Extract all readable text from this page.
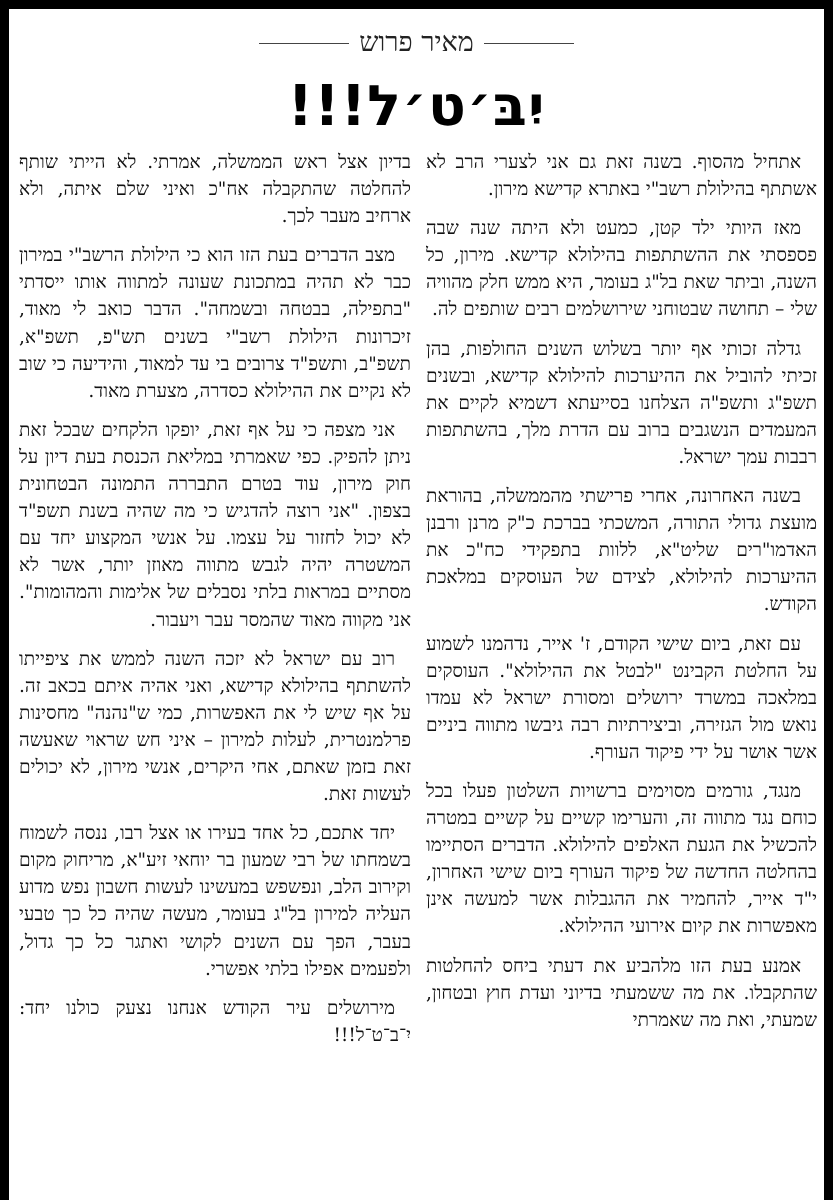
מאיר פרוש
יִבּ׳ט׳ל!!!

אתחיל מהסוף. בשנה זאת גם אני לצערי הרב לא אשתתף בהילולת רשב"י באתרא קדישא מירון.

מאז היותי ילד קטן, כמעט ולא היתה שנה שבה פספסתי את ההשתתפות בהילולא קדישא. מירון, כל השנה, וביתר שאת בל"ג בעומר, היא ממש חלק מהוויה שלי – תחושה שבטוחני שירושלמים רבים שותפים לה.

גדלה זכותי אף יותר בשלוש השנים החולפות, בהן זכיתי להוביל את ההיערכות להילולא קדישא, ובשנים תשפ"ג ותשפ"ה הצלחנו בסייעתא דשמיא לקיים את המעמדים הנשגבים ברוב עם הדרת מלך, בהשתתפות רבבות עמך ישראל.

בשנה האחרונה, אחרי פרישתי מהממשלה, בהוראת מועצת גדולי התורה, המשכתי בברכת כ"ק מרנן ורבנן האדמו"רים שליט"א, ללוות בתפקידי כח"כ את ההיערכות להילולא, לצידם של העוסקים במלאכת הקודש.

עם זאת, ביום שישי הקודם, ז' אייר, נדהמנו לשמוע על החלטת הקבינט "לבטל את ההילולא". העוסקים במלאכה במשרד ירושלים ומסורת ישראל לא עמדו נואש מול הגזירה, וביצירתיות רבה גיבשו מתווה ביניים אשר אושר על ידי פיקוד העורף.

מנגד, גורמים מסוימים ברשויות השלטון פעלו בכל כוחם נגד מתווה זה, והערימו קשיים על קשיים במטרה להכשיל את הגעת האלפים להילולא. הדברים הסתיימו בהחלטה החדשה של פיקוד העורף ביום שישי האחרון, י"ד אייר, להחמיר את ההגבלות אשר למעשה אינן מאפשרות את קיום אירועי ההילולא.

אמנע בעת הזו מלהביע את דעתי ביחס להחלטות שהתקבלו. את מה ששמעתי בדיוני ועדת חוץ ובטחון, שמעתי, ואת מה שאמרתי

בדיון אצל ראש הממשלה, אמרתי. לא הייתי שותף להחלטה שהתקבלה אח"כ ואיני שלם איתה, ולא ארחיב מעבר לכך.

מצב הדברים בעת הזו הוא כי הילולת הרשב"י במירון כבר לא תהיה במתכונת שעונה למתווה אותו ייסדתי "בתפילה, בבטחה ובשמחה". הדבר כואב לי מאוד, זיכרונות הילולת רשב"י בשנים תש"פ, תשפ"א, תשפ"ב, ותשפ"ד צרובים בי עד למאוד, והידיעה כי שוב לא נקיים את ההילולא כסדרה, מצערת מאוד.

אני מצפה כי על אף זאת, יופקו הלקחים שבכל זאת ניתן להפיק. כפי שאמרתי במליאת הכנסת בעת דיון על חוק מירון, עוד בטרם התבררה התמונה הבטחונית בצפון. "אני רוצה להדגיש כי מה שהיה בשנת תשפ"ד לא יכול לחזור על עצמו. על אנשי המקצוע יחד עם המשטרה יהיה לגבש מתווה מאוזן יותר, אשר לא מסתיים במראות בלתי נסבלים של אלימות והמהומות". אני מקווה מאוד שהמסר עבר ויעבור.

רוב עם ישראל לא יזכה השנה לממש את ציפייתו להשתתף בהילולא קדישא, ואני אהיה איתם בכאב זה. על אף שיש לי את האפשרות, כמי ש"נהנה" מחסינות פרלמנטרית, לעלות למירון – איני חש שראוי שאעשה זאת בזמן שאתם, אחי היקרים, אנשי מירון, לא יכולים לעשות זאת.

יחד אתכם, כל אחד בעירו או אצל רבו, ננסה לשמוח בשמחתו של רבי שמעון בר יוחאי זיע"א, מריחוק מקום וקירוב הלב, ונפשפש במעשינו לעשות חשבון נפש מדוע העליה למירון בל"ג בעומר, מעשה שהיה כל כך טבעי בעבר, הפך עם השנים לקושי ואתגר כל כך גדול, ולפעמים אפילו בלתי אפשרי.

מירושלים עיר הקודש אנחנו נצעק כולנו יחד: יִ־ב־ט־ל!!!
